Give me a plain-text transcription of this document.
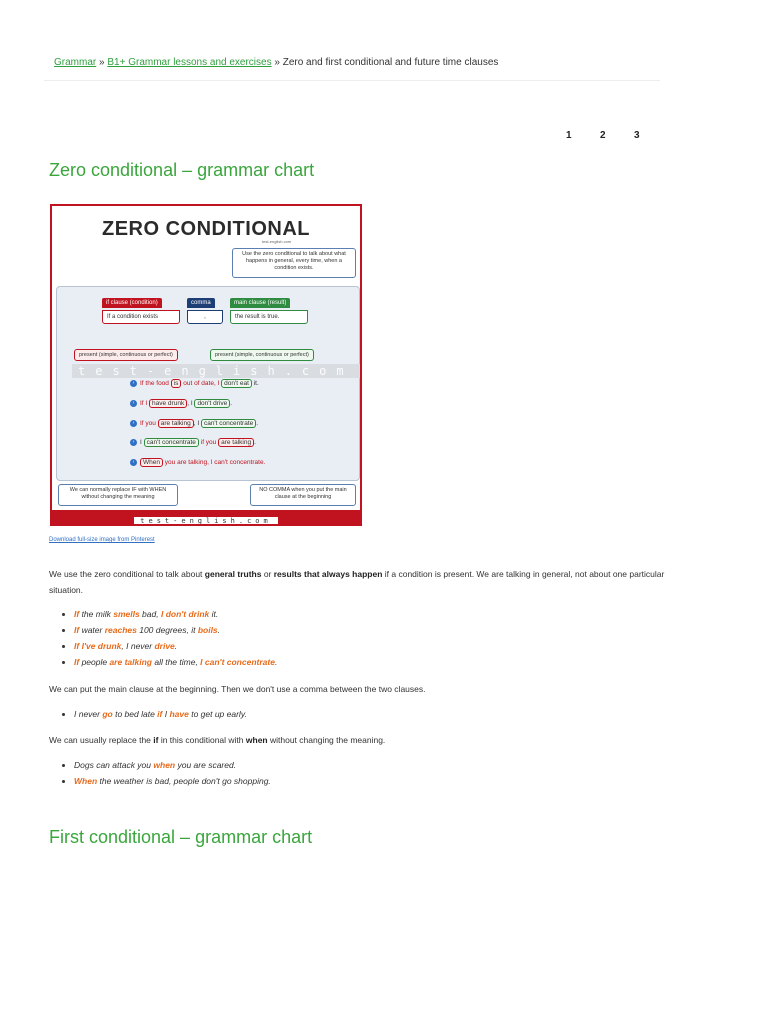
Grammar » B1+ Grammar lessons and exercises » Zero and first conditional and future time clauses
1	2	3
Zero conditional – grammar chart
ZERO CONDITIONAL
test-english.com
Use the zero conditional to talk about what happens in general, every time, when a condition exists.
if clause (condition)
If a condition exists
comma
,
main clause (result)
the result is true.
present (simple, continuous or perfect)	present (simple, continuous or perfect)
test-english.com
› If the food is out of date, I don't eat it.
› If I have drunk , I don't drive .
› If you are talking , I can't concentrate .
› I can't concentrate if you are talking .
› When you are talking, I can't concentrate.
We can normally replace IF with WHEN without changing the meaning
NO COMMA when you put the main clause at the beginning
test-english.com
Download full-size image from Pinterest

We use the zero conditional to talk about general truths or results that always happen if a condition is present. We are talking in general, not about one particular situation.

• If the milk smells bad, I don't drink it.
• If water reaches 100 degrees, it boils.
• If I've drunk, I never drive.
• If people are talking all the time, I can't concentrate.

We can put the main clause at the beginning. Then we don't use a comma between the two clauses.

• I never go to bed late if I have to get up early.

We can usually replace the if in this conditional with when without changing the meaning.

• Dogs can attack you when you are scared.
• When the weather is bad, people don't go shopping.
First conditional – grammar chart
